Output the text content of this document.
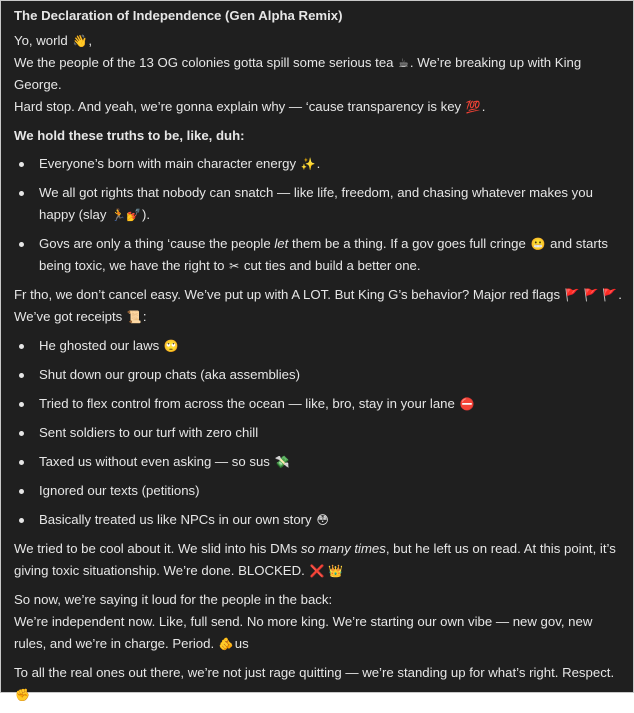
The Declaration of Independence (Gen Alpha Remix)

Yo, world 👋,
We the people of the 13 OG colonies gotta spill some serious tea ☕. We’re breaking up with King George.
Hard stop. And yeah, we’re gonna explain why — ‘cause transparency is key 💯.

We hold these truths to be, like, duh:

Everyone’s born with main character energy ✨.
We all got rights that nobody can snatch — like life, freedom, and chasing whatever makes you happy (slay 🏃💅).
Govs are only a thing ‘cause the people let them be a thing. If a gov goes full cringe 😬 and starts being toxic, we have the right to ✂ cut ties and build a better one.

Fr tho, we don’t cancel easy. We’ve put up with A LOT. But King G’s behavior? Major red flags 🚩 🚩 🚩.
We’ve got receipts 📜:

He ghosted our laws 🙄
Shut down our group chats (aka assemblies)
Tried to flex control from across the ocean — like, bro, stay in your lane ⛔
Sent soldiers to our turf with zero chill
Taxed us without even asking — so sus 💸
Ignored our texts (petitions)
Basically treated us like NPCs in our own story 😳

We tried to be cool about it. We slid into his DMs so many times, but he left us on read. At this point, it’s giving toxic situationship. We’re done. BLOCKED. ❌ 👑

So now, we’re saying it loud for the people in the back:
We’re independent now. Like, full send. No more king. We’re starting our own vibe — new gov, new rules, and we’re in charge. Period. 🫵us

To all the real ones out there, we’re not just rage quitting — we’re standing up for what’s right. Respect. ✊
